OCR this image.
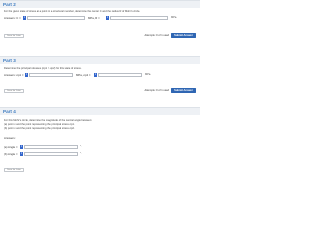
Part 2
For the given state of stress at a point in a structural member, determine the center C and the radius R of Mohr's circle.
Answers: C =	i	MPa, R =	i	MPa.
Save for Later	Attempts: 0 of 1 used	Submit Answer
Part 3
Determine the principal stresses (σp1 > σp2) for this state of stress.
Answers: σp1 = i	MPa, σp2 =	i	MPa.
Save for Later	Attempts: 0 of 1 used	Submit Answer
Part 4
For this Mohr's circle, determine the magnitude of the central angle between:
(a) point x and the point representing the principal stress σp1.
(b) point x and the point representing the principal stress σp2.
Answers:
(a) Angle =	i	°.
(b) Angle =	i	°.
Save for Later
